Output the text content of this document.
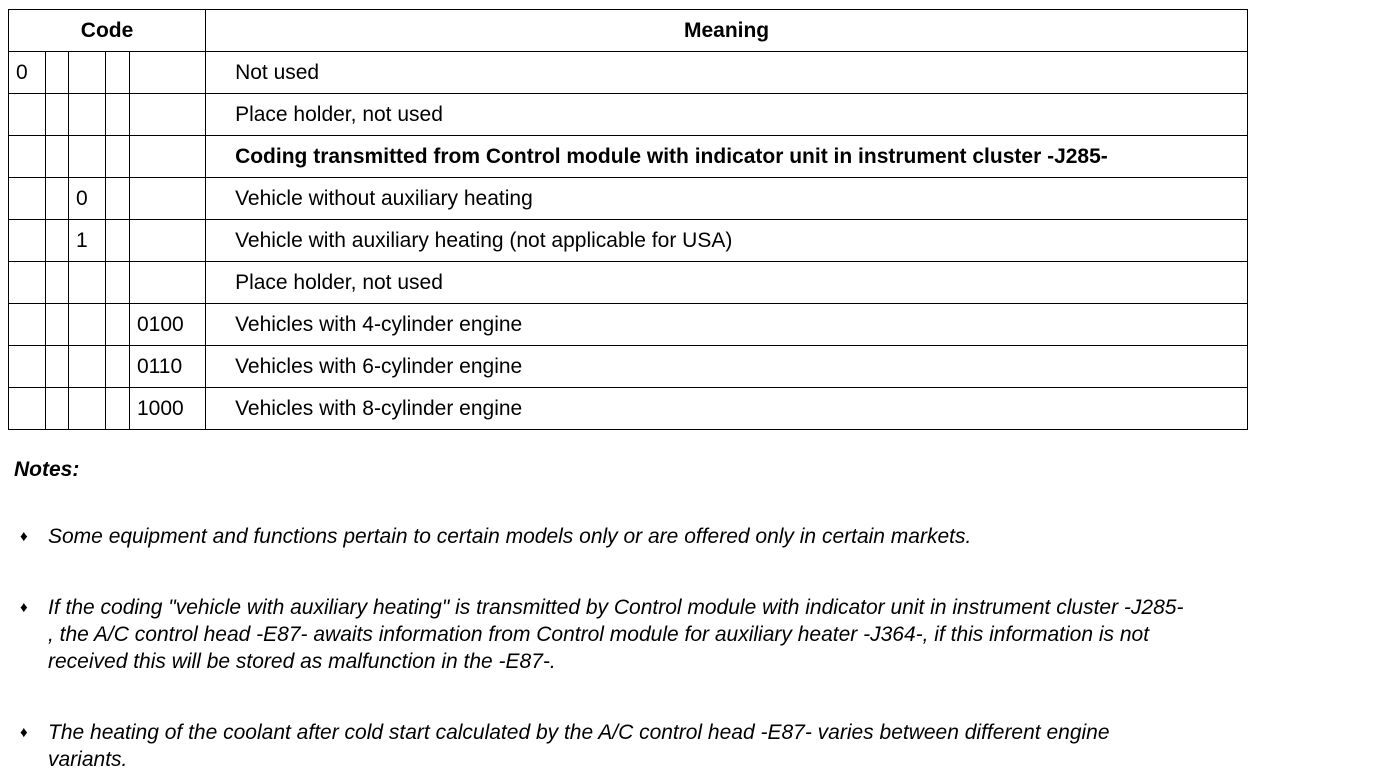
Code					Meaning
0					Not used
					Place holder, not used
					Coding transmitted from Control module with indicator unit in instrument cluster -J285-
		0			Vehicle without auxiliary heating
		1			Vehicle with auxiliary heating (not applicable for USA)
					Place holder, not used
				0100	Vehicles with 4-cylinder engine
				0110	Vehicles with 6-cylinder engine
				1000	Vehicles with 8-cylinder engine
Notes:
♦ Some equipment and functions pertain to certain models only or are offered only in certain markets.
♦ If the coding "vehicle with auxiliary heating" is transmitted by Control module with indicator unit in instrument cluster -J285-
, the A/C control head -E87- awaits information from Control module for auxiliary heater -J364-, if this information is not
received this will be stored as malfunction in the -E87-.
♦ The heating of the coolant after cold start calculated by the A/C control head -E87- varies between different engine
variants.
